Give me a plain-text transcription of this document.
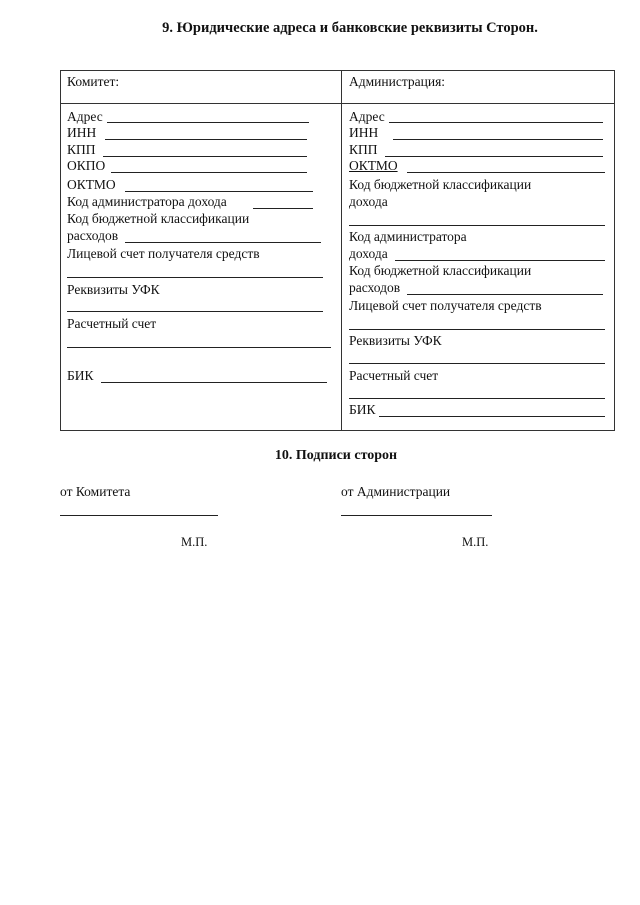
9. Юридические адреса и банковские реквизиты Сторон.
Комитет:	Администрация:
Адрес
ИНН
КПП
ОКПО
ОКТМО
Код администратора дохода
Код бюджетной классификации
расходов
Лицевой счет получателя средств
Реквизиты УФК
Расчетный счет
БИК
Адрес
ИНН
КПП
ОКТМО
Код бюджетной классификации
дохода
Код администратора
дохода
Код бюджетной классификации
расходов
Лицевой счет получателя средств
Реквизиты УФК
Расчетный счет
БИК
10. Подписи сторон
от Комитета
М.П.
от Администрации
М.П.
